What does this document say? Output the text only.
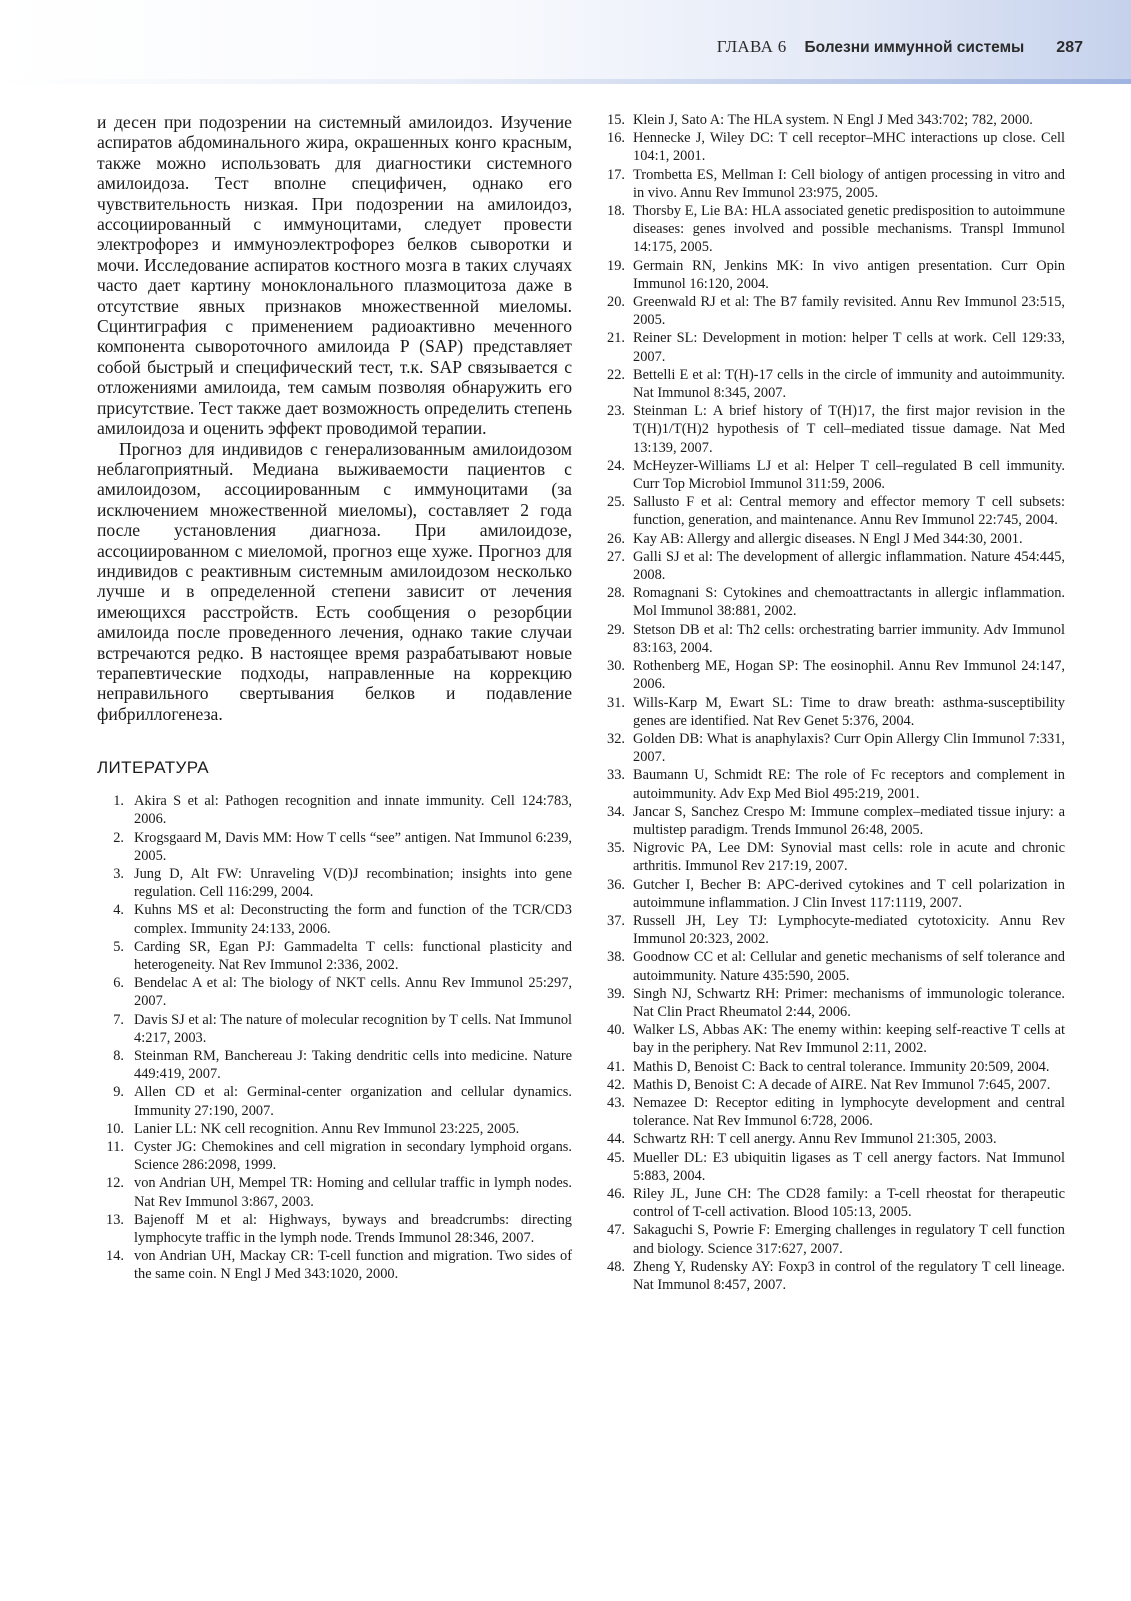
ГЛАВА 6 Болезни иммунной системы 287

и десен при подозрении на системный амилоидоз. Изучение аспиратов абдоминального жира, окрашенных конго красным, также можно использовать для диагностики системного амилоидоза. Тест вполне специфичен, однако его чувствительность низкая. При подозрении на амилоидоз, ассоциированный с иммуноцитами, следует провести электрофорез и иммуноэлектрофорез белков сыворотки и мочи. Исследование аспиратов костного мозга в таких случаях часто дает картину моноклонального плазмоцитоза даже в отсутствие явных признаков множественной миеломы. Сцинтиграфия с применением радиоактивно меченного компонента сывороточного амилоида P (SAP) представляет собой быстрый и специфический тест, т.к. SAP связывается с отложениями амилоида, тем самым позволяя обнаружить его присутствие. Тест также дает возможность определить степень амилоидоза и оценить эффект проводимой терапии.

Прогноз для индивидов с генерализованным амилоидозом неблагоприятный. Медиана выживаемости пациентов с амилоидозом, ассоциированным с иммуноцитами (за исключением множественной миеломы), составляет 2 года после установления диагноза. При амилоидозе, ассоциированном с миеломой, прогноз еще хуже. Прогноз для индивидов с реактивным системным амилоидозом несколько лучше и в определенной степени зависит от лечения имеющихся расстройств. Есть сообщения о резорбции амилоида после проведенного лечения, однако такие случаи встречаются редко. В настоящее время разрабатывают новые терапевтические подходы, направленные на коррекцию неправильного свертывания белков и подавление фибриллогенеза.

ЛИТЕРАТУРА
1. Akira S et al: Pathogen recognition and innate immunity. Cell 124:783, 2006.
2. Krogsgaard M, Davis MM: How T cells “see” antigen. Nat Immunol 6:239, 2005.
3. Jung D, Alt FW: Unraveling V(D)J recombination; insights into gene regulation. Cell 116:299, 2004.
4. Kuhns MS et al: Deconstructing the form and function of the TCR/CD3 complex. Immunity 24:133, 2006.
5. Carding SR, Egan PJ: Gammadelta T cells: functional plasticity and heterogeneity. Nat Rev Immunol 2:336, 2002.
6. Bendelac A et al: The biology of NKT cells. Annu Rev Immunol 25:297, 2007.
7. Davis SJ et al: The nature of molecular recognition by T cells. Nat Immunol 4:217, 2003.
8. Steinman RM, Banchereau J: Taking dendritic cells into medicine. Nature 449:419, 2007.
9. Allen CD et al: Germinal-center organization and cellular dynamics. Immunity 27:190, 2007.
10. Lanier LL: NK cell recognition. Annu Rev Immunol 23:225, 2005.
11. Cyster JG: Chemokines and cell migration in secondary lymphoid organs. Science 286:2098, 1999.
12. von Andrian UH, Mempel TR: Homing and cellular traffic in lymph nodes. Nat Rev Immunol 3:867, 2003.
13. Bajenoff M et al: Highways, byways and breadcrumbs: directing lymphocyte traffic in the lymph node. Trends Immunol 28:346, 2007.
14. von Andrian UH, Mackay CR: T-cell function and migration. Two sides of the same coin. N Engl J Med 343:1020, 2000.
15. Klein J, Sato A: The HLA system. N Engl J Med 343:702; 782, 2000.
16. Hennecke J, Wiley DC: T cell receptor–MHC interactions up close. Cell 104:1, 2001.
17. Trombetta ES, Mellman I: Cell biology of antigen processing in vitro and in vivo. Annu Rev Immunol 23:975, 2005.
18. Thorsby E, Lie BA: HLA associated genetic predisposition to autoimmune diseases: genes involved and possible mechanisms. Transpl Immunol 14:175, 2005.
19. Germain RN, Jenkins MK: In vivo antigen presentation. Curr Opin Immunol 16:120, 2004.
20. Greenwald RJ et al: The B7 family revisited. Annu Rev Immunol 23:515, 2005.
21. Reiner SL: Development in motion: helper T cells at work. Cell 129:33, 2007.
22. Bettelli E et al: T(H)-17 cells in the circle of immunity and autoimmunity. Nat Immunol 8:345, 2007.
23. Steinman L: A brief history of T(H)17, the first major revision in the T(H)1/T(H)2 hypothesis of T cell–mediated tissue damage. Nat Med 13:139, 2007.
24. McHeyzer-Williams LJ et al: Helper T cell–regulated B cell immunity. Curr Top Microbiol Immunol 311:59, 2006.
25. Sallusto F et al: Central memory and effector memory T cell subsets: function, generation, and maintenance. Annu Rev Immunol 22:745, 2004.
26. Kay AB: Allergy and allergic diseases. N Engl J Med 344:30, 2001.
27. Galli SJ et al: The development of allergic inflammation. Nature 454:445, 2008.
28. Romagnani S: Cytokines and chemoattractants in allergic inflammation. Mol Immunol 38:881, 2002.
29. Stetson DB et al: Th2 cells: orchestrating barrier immunity. Adv Immunol 83:163, 2004.
30. Rothenberg ME, Hogan SP: The eosinophil. Annu Rev Immunol 24:147, 2006.
31. Wills-Karp M, Ewart SL: Time to draw breath: asthma-susceptibility genes are identified. Nat Rev Genet 5:376, 2004.
32. Golden DB: What is anaphylaxis? Curr Opin Allergy Clin Immunol 7:331, 2007.
33. Baumann U, Schmidt RE: The role of Fc receptors and complement in autoimmunity. Adv Exp Med Biol 495:219, 2001.
34. Jancar S, Sanchez Crespo M: Immune complex–mediated tissue injury: a multistep paradigm. Trends Immunol 26:48, 2005.
35. Nigrovic PA, Lee DM: Synovial mast cells: role in acute and chronic arthritis. Immunol Rev 217:19, 2007.
36. Gutcher I, Becher B: APC-derived cytokines and T cell polarization in autoimmune inflammation. J Clin Invest 117:1119, 2007.
37. Russell JH, Ley TJ: Lymphocyte-mediated cytotoxicity. Annu Rev Immunol 20:323, 2002.
38. Goodnow CC et al: Cellular and genetic mechanisms of self tolerance and autoimmunity. Nature 435:590, 2005.
39. Singh NJ, Schwartz RH: Primer: mechanisms of immunologic tolerance. Nat Clin Pract Rheumatol 2:44, 2006.
40. Walker LS, Abbas AK: The enemy within: keeping self-reactive T cells at bay in the periphery. Nat Rev Immunol 2:11, 2002.
41. Mathis D, Benoist C: Back to central tolerance. Immunity 20:509, 2004.
42. Mathis D, Benoist C: A decade of AIRE. Nat Rev Immunol 7:645, 2007.
43. Nemazee D: Receptor editing in lymphocyte development and central tolerance. Nat Rev Immunol 6:728, 2006.
44. Schwartz RH: T cell anergy. Annu Rev Immunol 21:305, 2003.
45. Mueller DL: E3 ubiquitin ligases as T cell anergy factors. Nat Immunol 5:883, 2004.
46. Riley JL, June CH: The CD28 family: a T-cell rheostat for therapeutic control of T-cell activation. Blood 105:13, 2005.
47. Sakaguchi S, Powrie F: Emerging challenges in regulatory T cell function and biology. Science 317:627, 2007.
48. Zheng Y, Rudensky AY: Foxp3 in control of the regulatory T cell lineage. Nat Immunol 8:457, 2007.
